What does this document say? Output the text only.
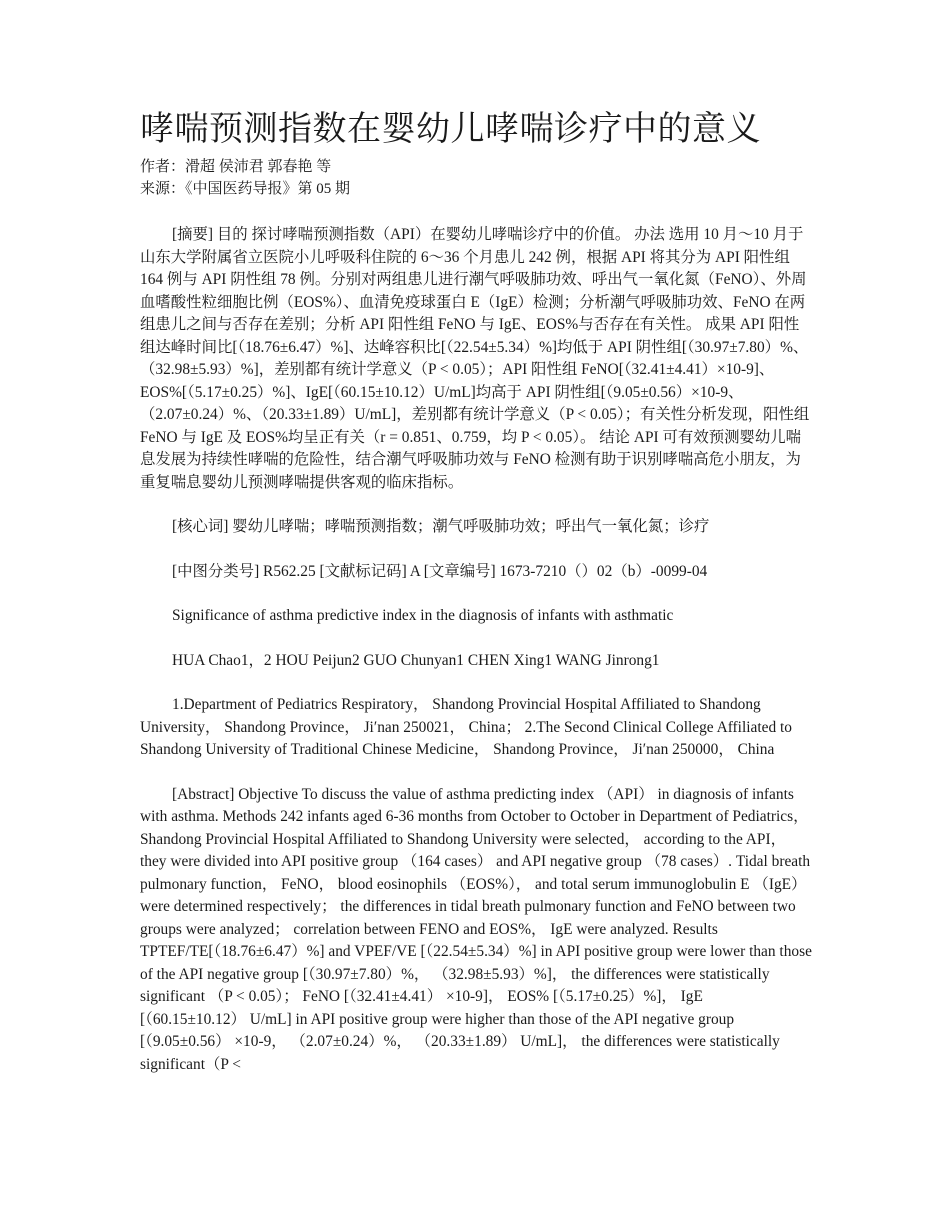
哮喘预测指数在婴幼儿哮喘诊疗中的意义

作者：滑超 侯沛君 郭春艳 等

来源：《中国医药导报》第 05 期

[摘要] 目的 探讨哮喘预测指数（API）在婴幼儿哮喘诊疗中的价值。 办法 选用 10 月～10 月于山东大学附属省立医院小儿呼吸科住院的 6～36 个月患儿 242 例，根据 API 将其分为 API 阳性组 164 例与 API 阴性组 78 例。分别对两组患儿进行潮气呼吸肺功效、呼出气一氧化氮（FeNO）、外周血嗜酸性粒细胞比例（EOS%）、血清免疫球蛋白 E（IgE）检测；分析潮气呼吸肺功效、FeNO 在两组患儿之间与否存在差别；分析 API 阳性组 FeNO 与 IgE、EOS%与否存在有关性。 成果 API 阳性组达峰时间比[（18.76±6.47）%]、达峰容积比[（22.54±5.34）%]均低于 API 阴性组[（30.97±7.80）%、（32.98±5.93）%]，差别都有统计学意义（P < 0.05）；API 阳性组 FeNO[（32.41±4.41）×10-9]、EOS%[（5.17±0.25）%]、IgE[（60.15±10.12）U/mL]均高于 API 阴性组[（9.05±0.56）×10-9、（2.07±0.24）%、（20.33±1.89）U/mL]，差别都有统计学意义（P < 0.05）；有关性分析发现，阳性组 FeNO 与 IgE 及 EOS%均呈正有关（r = 0.851、0.759，均 P < 0.05）。 结论 API 可有效预测婴幼儿喘息发展为持续性哮喘的危险性，结合潮气呼吸肺功效与 FeNO 检测有助于识别哮喘高危小朋友，为重复喘息婴幼儿预测哮喘提供客观的临床指标。

[核心词] 婴幼儿哮喘；哮喘预测指数；潮气呼吸肺功效；呼出气一氧化氮；诊疗

[中图分类号] R562.25 [文献标记码] A [文章编号] 1673-7210（）02（b）-0099-04

Significance of asthma predictive index in the diagnosis of infants with asthmatic

HUA Chao1，2 HOU Peijun2 GUO Chunyan1 CHEN Xing1 WANG Jinrong1

1.Department of Pediatrics Respiratory， Shandong Provincial Hospital Affiliated to Shandong University， Shandong Province， Ji′nan 250021， China； 2.The Second Clinical College Affiliated to Shandong University of Traditional Chinese Medicine， Shandong Province， Ji′nan 250000， China

[Abstract] Objective To discuss the value of asthma predicting index （API） in diagnosis of infants with asthma. Methods 242 infants aged 6-36 months from October to October in Department of Pediatrics， Shandong Provincial Hospital Affiliated to Shandong University were selected， according to the API， they were divided into API positive group （164 cases） and API negative group （78 cases）. Tidal breath pulmonary function， FeNO， blood eosinophils （EOS%）， and total serum immunoglobulin E （IgE） were determined respectively； the differences in tidal breath pulmonary function and FeNO between two groups were analyzed； correlation between FENO and EOS%， IgE were analyzed. Results TPTEF/TE[（18.76±6.47）%] and VPEF/VE [（22.54±5.34）%] in API positive group were lower than those of the API negative group [（30.97±7.80）%， （32.98±5.93）%]， the differences were statistically significant （P < 0.05）； FeNO [（32.41±4.41） ×10-9]， EOS% [（5.17±0.25）%]， IgE [（60.15±10.12） U/mL] in API positive group were higher than those of the API negative group [（9.05±0.56） ×10-9， （2.07±0.24）%， （20.33±1.89） U/mL]， the differences were statistically significant（P <
